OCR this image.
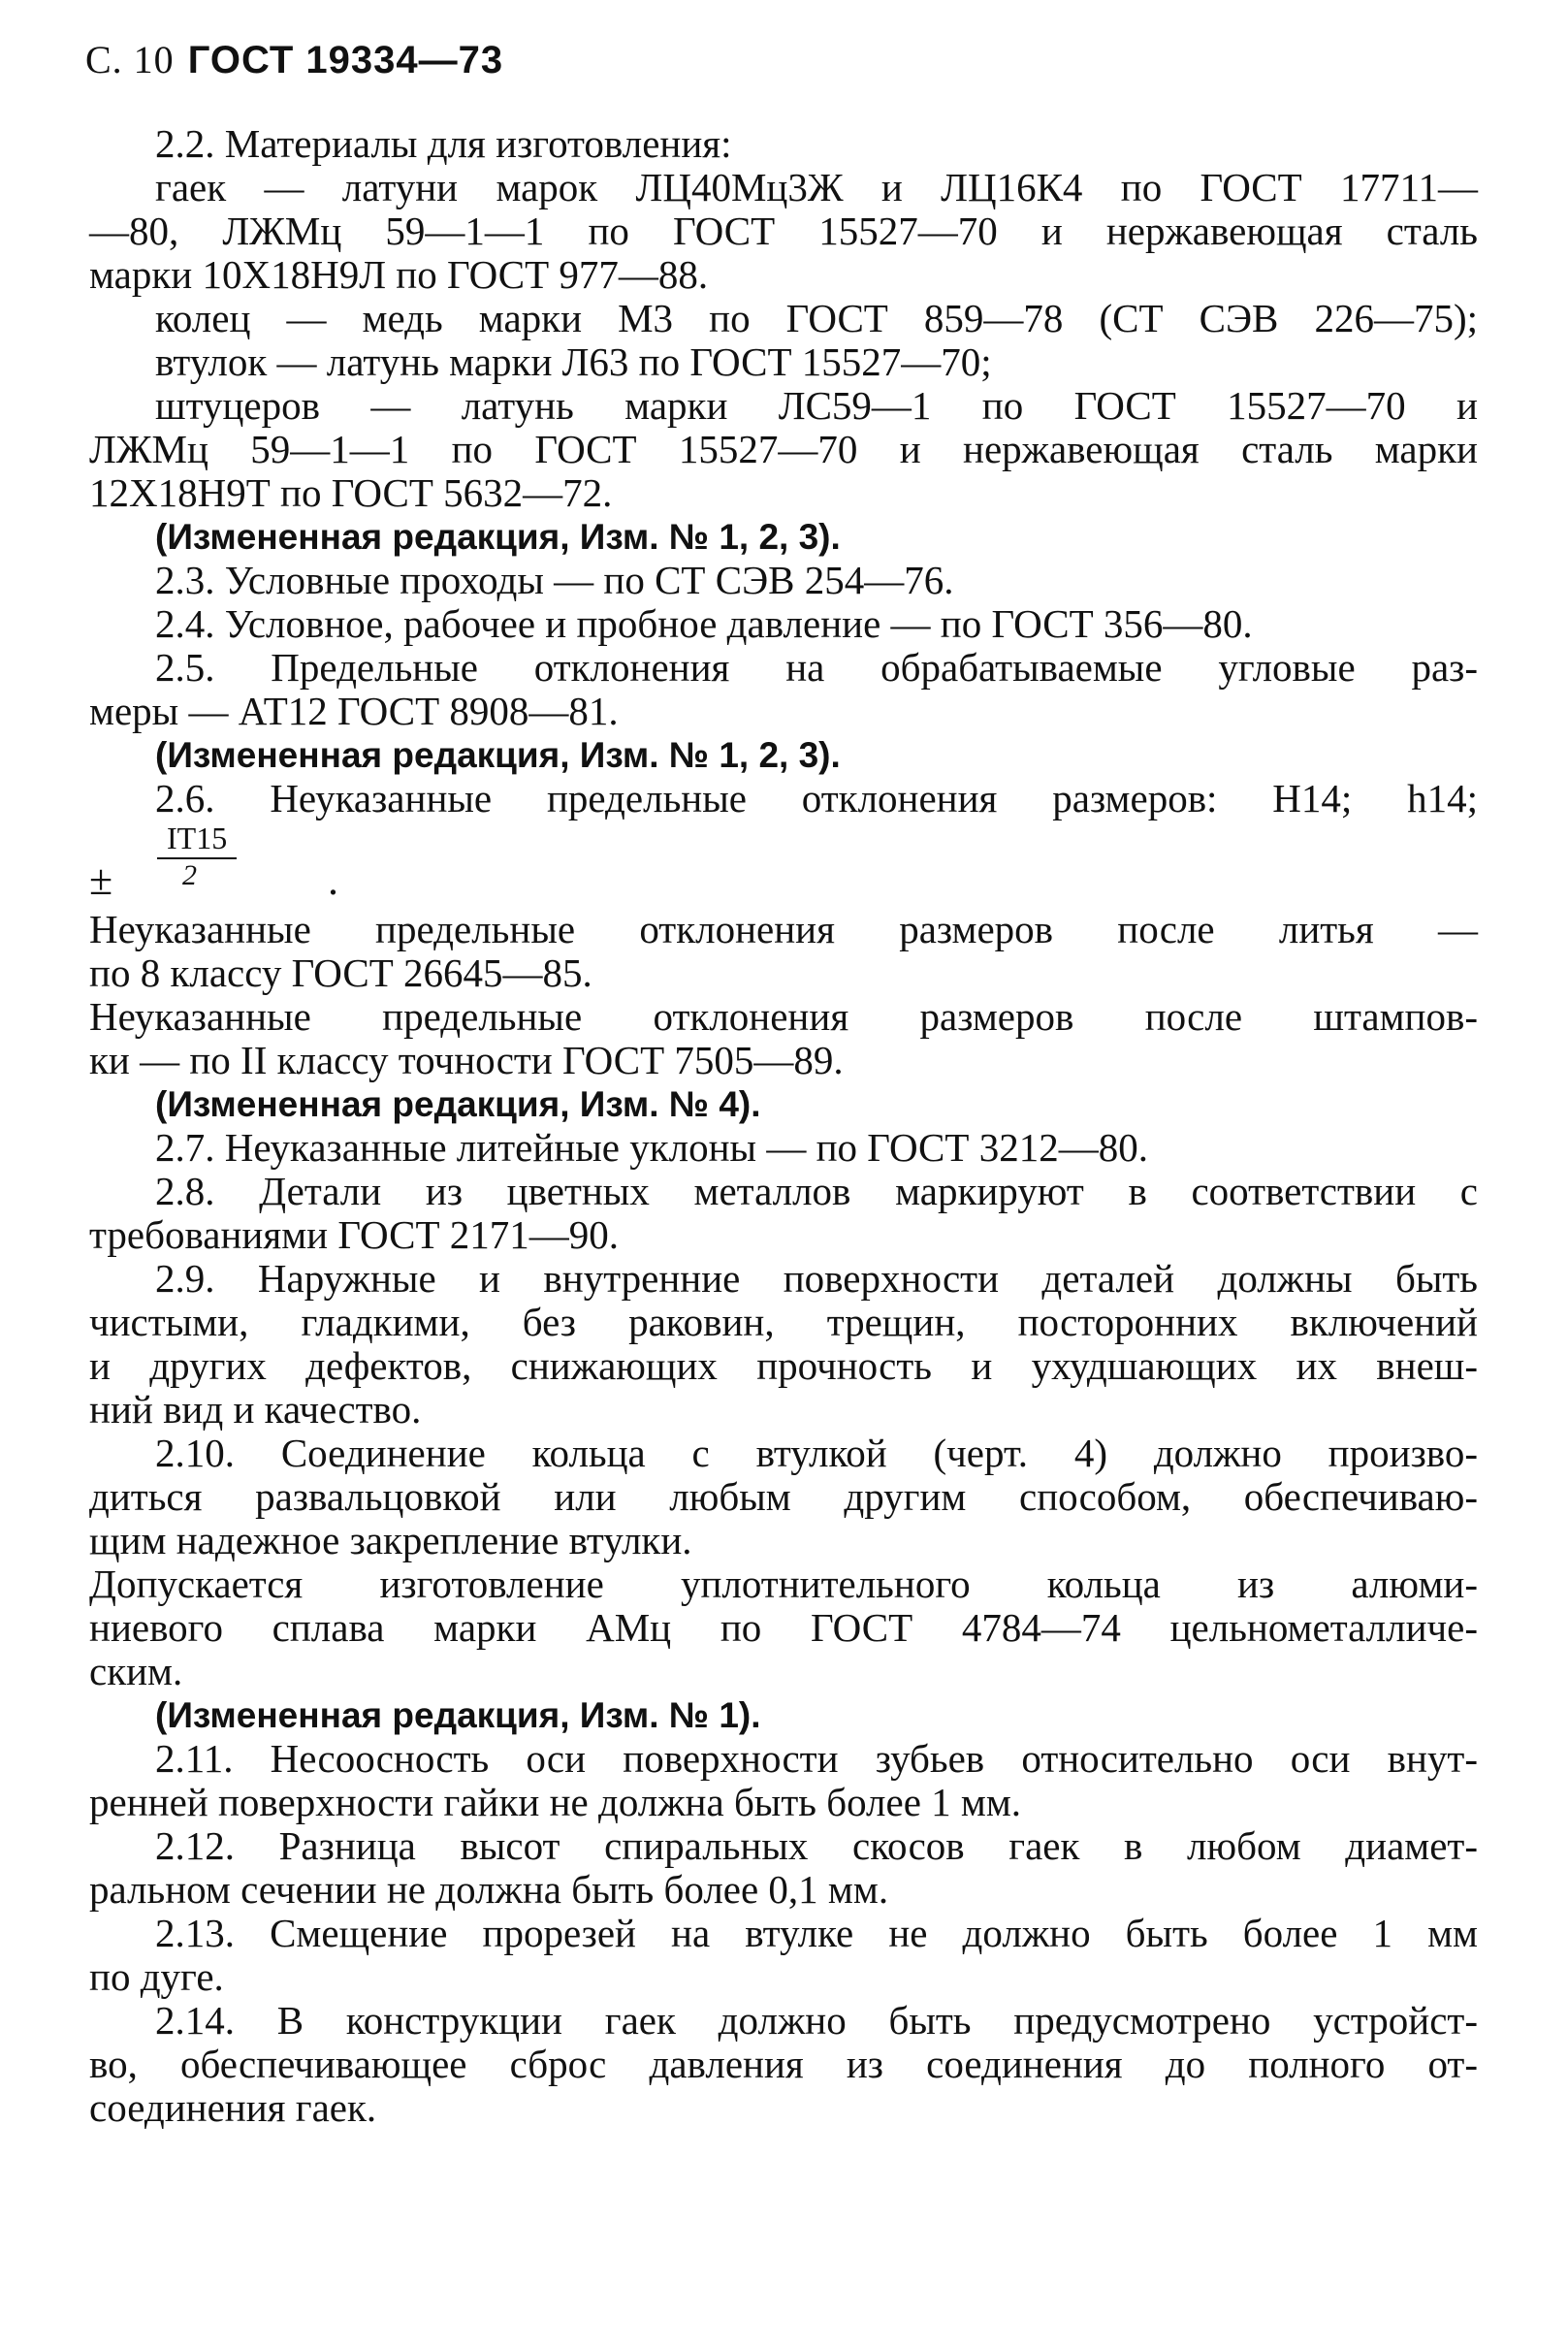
С. 10 ГОСТ 19334—73
2.2. Материалы для изготовления:
гаек — латуни марок ЛЦ40Мц3Ж и ЛЦ16К4 по ГОСТ 17711—
—80, ЛЖМц 59—1—1 по ГОСТ 15527—70 и нержавеющая сталь
марки 10Х18Н9Л по ГОСТ 977—88.
колец — медь марки М3 по ГОСТ 859—78 (СТ СЭВ 226—75);
втулок — латунь марки Л63 по ГОСТ 15527—70;
штуцеров — латунь марки ЛС59—1 по ГОСТ 15527—70 и
ЛЖМц 59—1—1 по ГОСТ 15527—70 и нержавеющая сталь марки
12Х18Н9Т по ГОСТ 5632—72.
(Измененная редакция, Изм. № 1, 2, 3).
2.3. Условные проходы — по СТ СЭВ 254—76.
2.4. Условное, рабочее и пробное давление — по ГОСТ 356—80.
2.5. Предельные отклонения на обрабатываемые угловые раз-
меры — АТ12 ГОСТ 8908—81.
(Измененная редакция, Изм. № 1, 2, 3).
2.6. Неуказанные предельные отклонения размеров: Н14; h14;
± $\frac{IT15}{2}$ .
Неуказанные предельные отклонения размеров после литья —
по 8 классу ГОСТ 26645—85.
Неуказанные предельные отклонения размеров после штампов-
ки — по II классу точности ГОСТ 7505—89.
(Измененная редакция, Изм. № 4).
2.7. Неуказанные литейные уклоны — по ГОСТ 3212—80.
2.8. Детали из цветных металлов маркируют в соответствии с
требованиями ГОСТ 2171—90.
2.9. Наружные и внутренние поверхности деталей должны быть
чистыми, гладкими, без раковин, трещин, посторонних включений
и других дефектов, снижающих прочность и ухудшающих их внеш-
ний вид и качество.
2.10. Соединение кольца с втулкой (черт. 4) должно произво-
диться развальцовкой или любым другим способом, обеспечиваю-
щим надежное закрепление втулки.
Допускается изготовление уплотнительного кольца из алюми-
ниевого сплава марки АМц по ГОСТ 4784—74 цельнометалличе-
ским.
(Измененная редакция, Изм. № 1).
2.11. Несоосность оси поверхности зубьев относительно оси внут-
ренней поверхности гайки не должна быть более 1 мм.
2.12. Разница высот спиральных скосов гаек в любом диамет-
ральном сечении не должна быть более 0,1 мм.
2.13. Смещение прорезей на втулке не должно быть более 1 мм
по дуге.
2.14. В конструкции гаек должно быть предусмотрено устройст-
во, обеспечивающее сброс давления из соединения до полного от-
соединения гаек.
